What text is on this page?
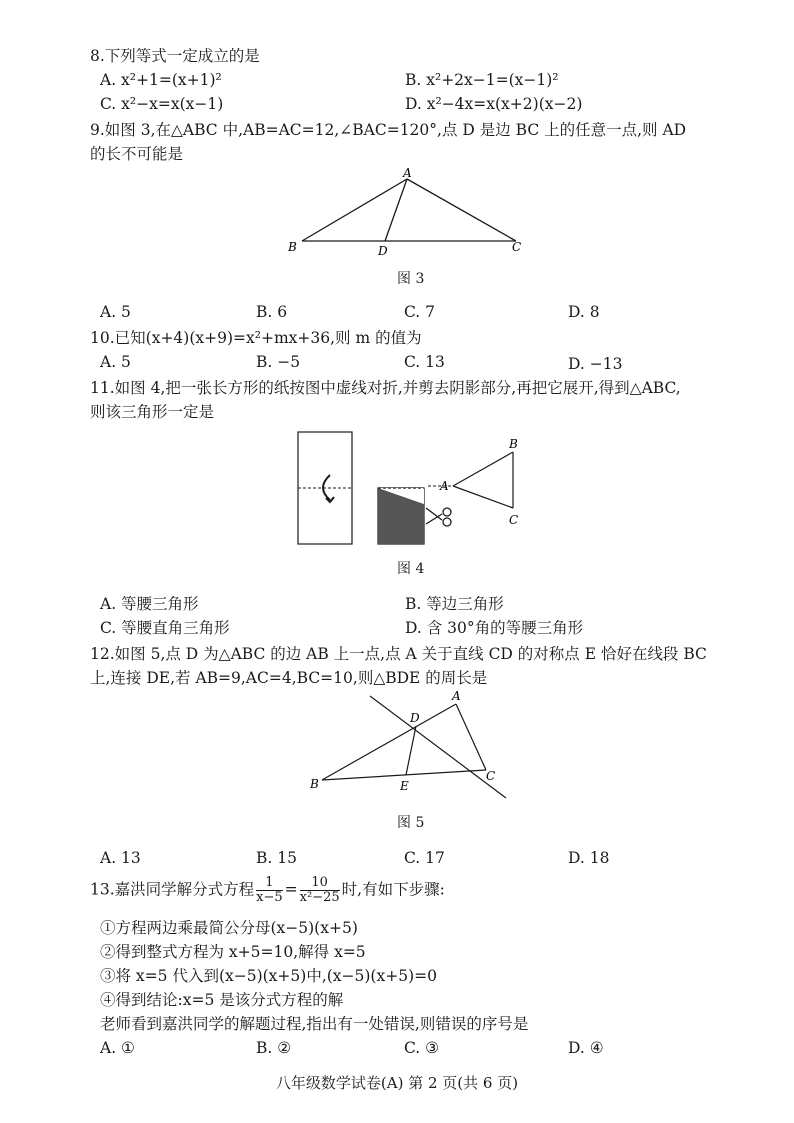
8.下列等式一定成立的是
A. x²+1=(x+1)²	B. x²+2x−1=(x−1)²
C. x²−x=x(x−1)	D. x²−4x=x(x+2)(x−2)
9.如图 3,在△ABC 中,AB=AC=12,∠BAC=120°,点 D 是边 BC 上的任意一点,则 AD
的长不可能是
A
B	C
D
图 3
A. 5	B. 6	C. 7	D. 8
10.已知(x+4)(x+9)=x²+mx+36,则 m 的值为
A. 5	B. −5	C. 13	D. −13
11.如图 4,把一张长方形的纸按图中虚线对折,并剪去阴影部分,再把它展开,得到△ABC,
则该三角形一定是
A
B
C
图 4
A. 等腰三角形	B. 等边三角形
C. 等腰直角三角形	D. 含 30°角的等腰三角形
12.如图 5,点 D 为△ABC 的边 AB 上一点,点 A 关于直线 CD 的对称点 E 恰好在线段 BC
上,连接 DE,若 AB=9,AC=4,BC=10,则△BDE 的周长是
A
B
C
D
E
图 5
A. 13	B. 15	C. 17	D. 18
13.嘉洪同学解分式方程 $\frac{1}{x-5} = \frac{10}{\text{x²−25}}$ 时,有如下步骤:
①方程两边乘最简公分母(x−5)(x+5)
②得到整式方程为 x+5=10,解得 x=5
③将 x=5 代入到(x−5)(x+5)中,(x−5)(x+5)=0
④得到结论:x=5 是该分式方程的解
老师看到嘉洪同学的解题过程,指出有一处错误,则错误的序号是
A. ①	B. ②	C. ③	D. ④
八年级数学试卷(A) 第 2 页(共 6 页)
